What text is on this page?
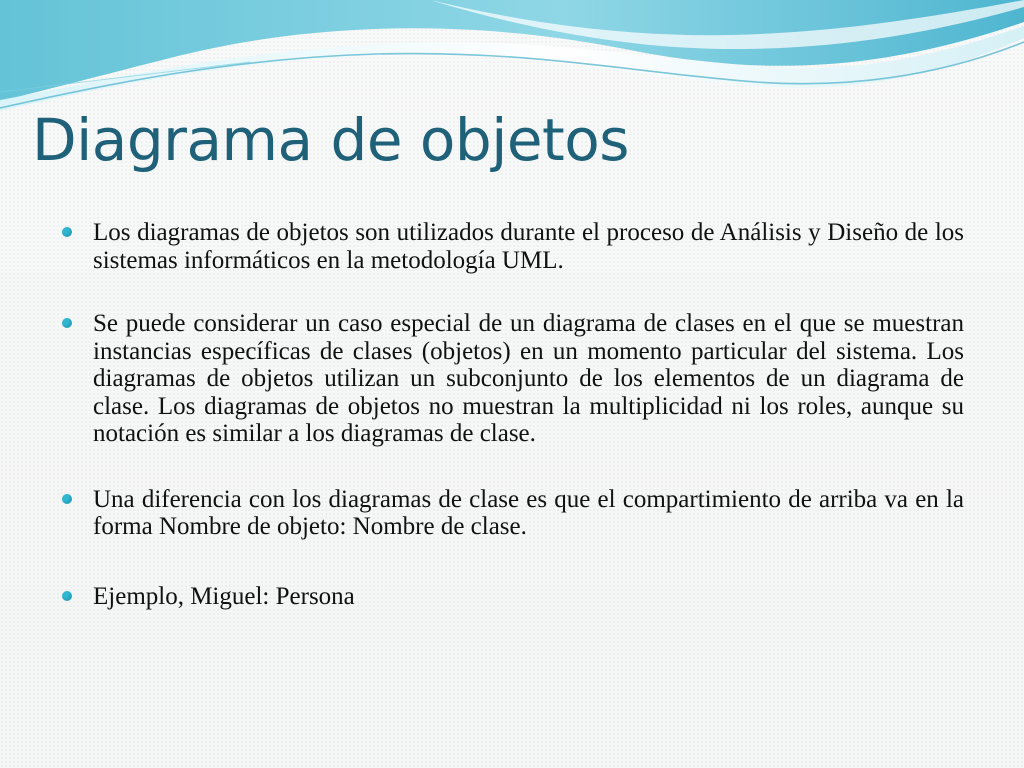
Diagrama de objetos
Los diagramas de objetos son utilizados durante el proceso de Análisis y Diseño de los sistemas informáticos en la metodología UML.
Se puede considerar un caso especial de un diagrama de clases en el que se muestran instancias específicas de clases (objetos) en un momento particular del sistema. Los diagramas de objetos utilizan un subconjunto de los elementos de un diagrama de clase. Los diagramas de objetos no muestran la multiplicidad ni los roles, aunque su notación es similar a los diagramas de clase.
Una diferencia con los diagramas de clase es que el compartimiento de arriba va en la forma Nombre de objeto: Nombre de clase.
Ejemplo, Miguel: Persona
